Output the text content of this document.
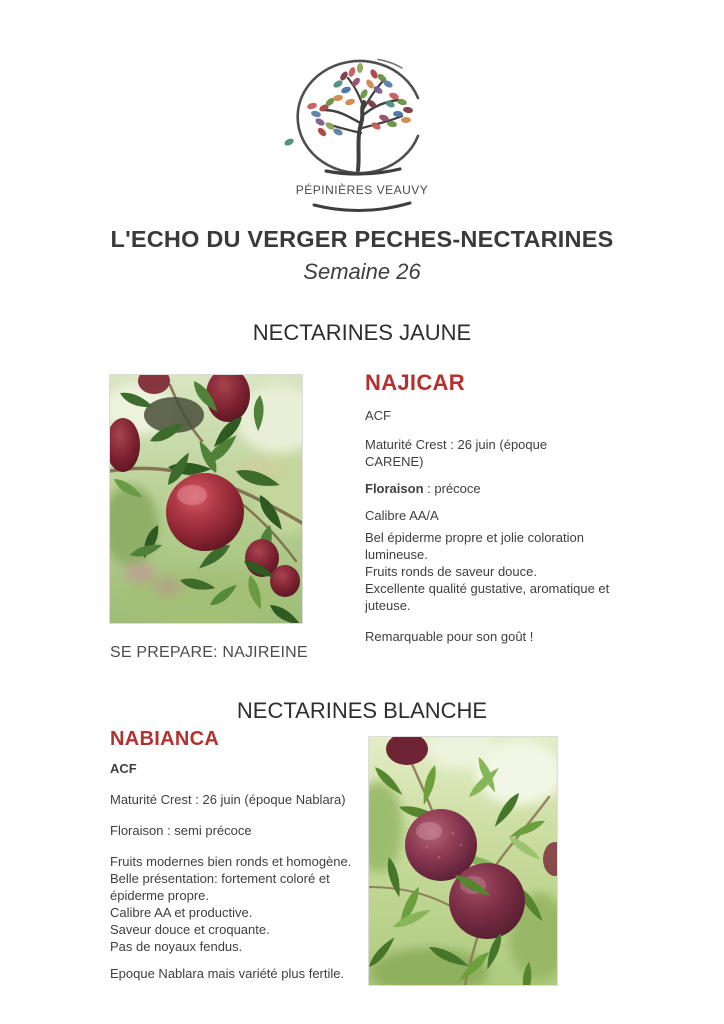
PÉPINIÈRES VEAUVY
L'ECHO DU VERGER PECHES-NECTARINES
Semaine 26
NECTARINES JAUNE
NAJICAR

ACF

Maturité Crest : 26 juin (époque CARENE)

Floraison : précoce

Calibre AA/A

Bel épiderme propre et jolie coloration lumineuse.

Fruits ronds de saveur douce.

Excellente qualité gustative, aromatique et juteuse.

Remarquable pour son goût !

SE PREPARE: NAJIREINE
NECTARINES BLANCHE
NABIANCA

ACF

Maturité Crest : 26 juin (époque Nablara)

Floraison : semi précoce

Fruits modernes bien ronds et homogène.

Belle présentation: fortement coloré et épiderme propre.

Calibre AA et productive.

Saveur douce et croquante.

Pas de noyaux fendus.

Epoque Nablara mais variété plus fertile.
